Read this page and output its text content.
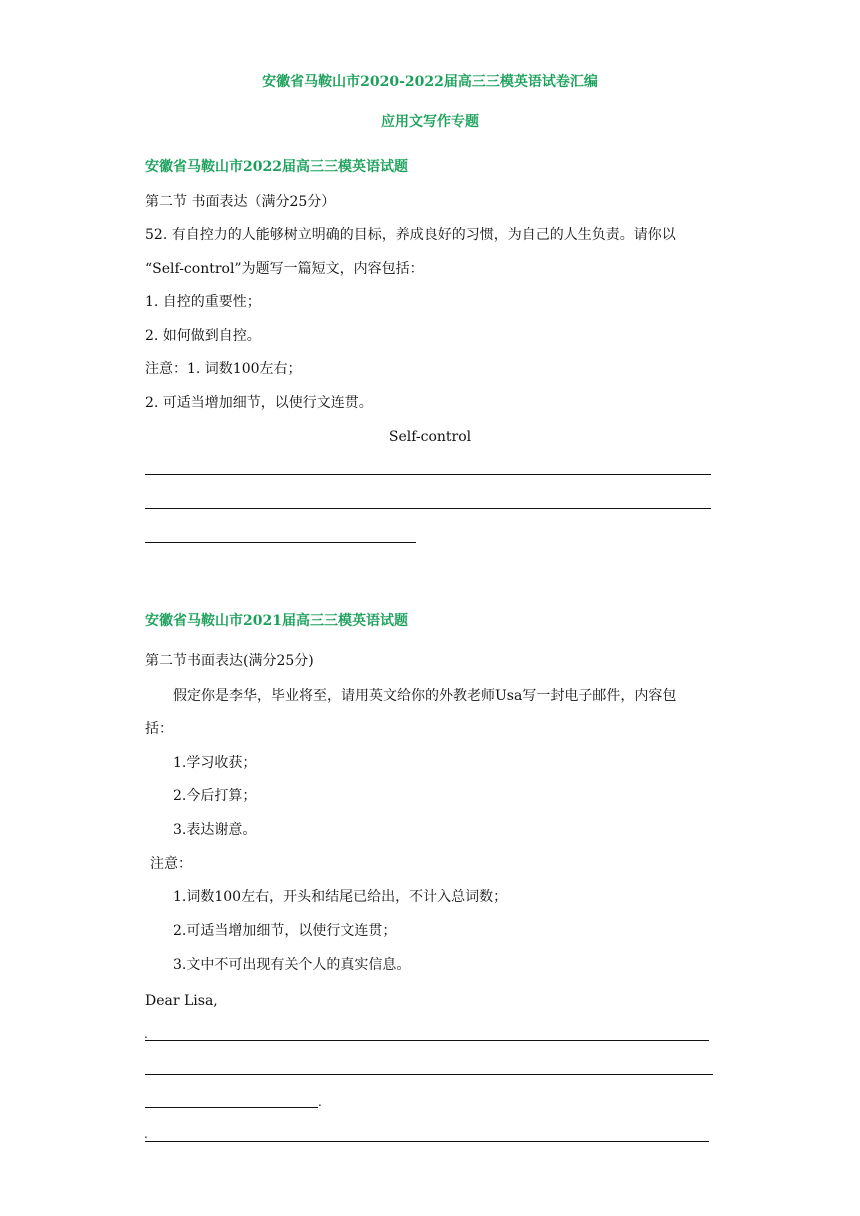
安徽省马鞍山市2020-2022届高三三模英语试卷汇编
应用文写作专题
安徽省马鞍山市2022届高三三模英语试题
第二节 书面表达（满分25分）
52. 有自控力的人能够树立明确的目标，养成良好的习惯，为自己的人生负责。请你以
“Self-control”为题写一篇短文，内容包括：
1. 自控的重要性；
2. 如何做到自控。
注意：1. 词数100左右；
2. 可适当增加细节，以使行文连贯。
Self-control
安徽省马鞍山市2021届高三三模英语试题
第二节书面表达(满分25分)
假定你是李华，毕业将至，请用英文给你的外教老师Usa写一封电子邮件，内容包
括：
1.学习收获；
2.今后打算；
3.表达谢意。
注意：
1.词数100左右，开头和结尾已给出，不计入总词数；
2.可适当增加细节，以使行文连贯；
3.文中不可出现有关个人的真实信息。
Dear Lisa,
.
.
.
